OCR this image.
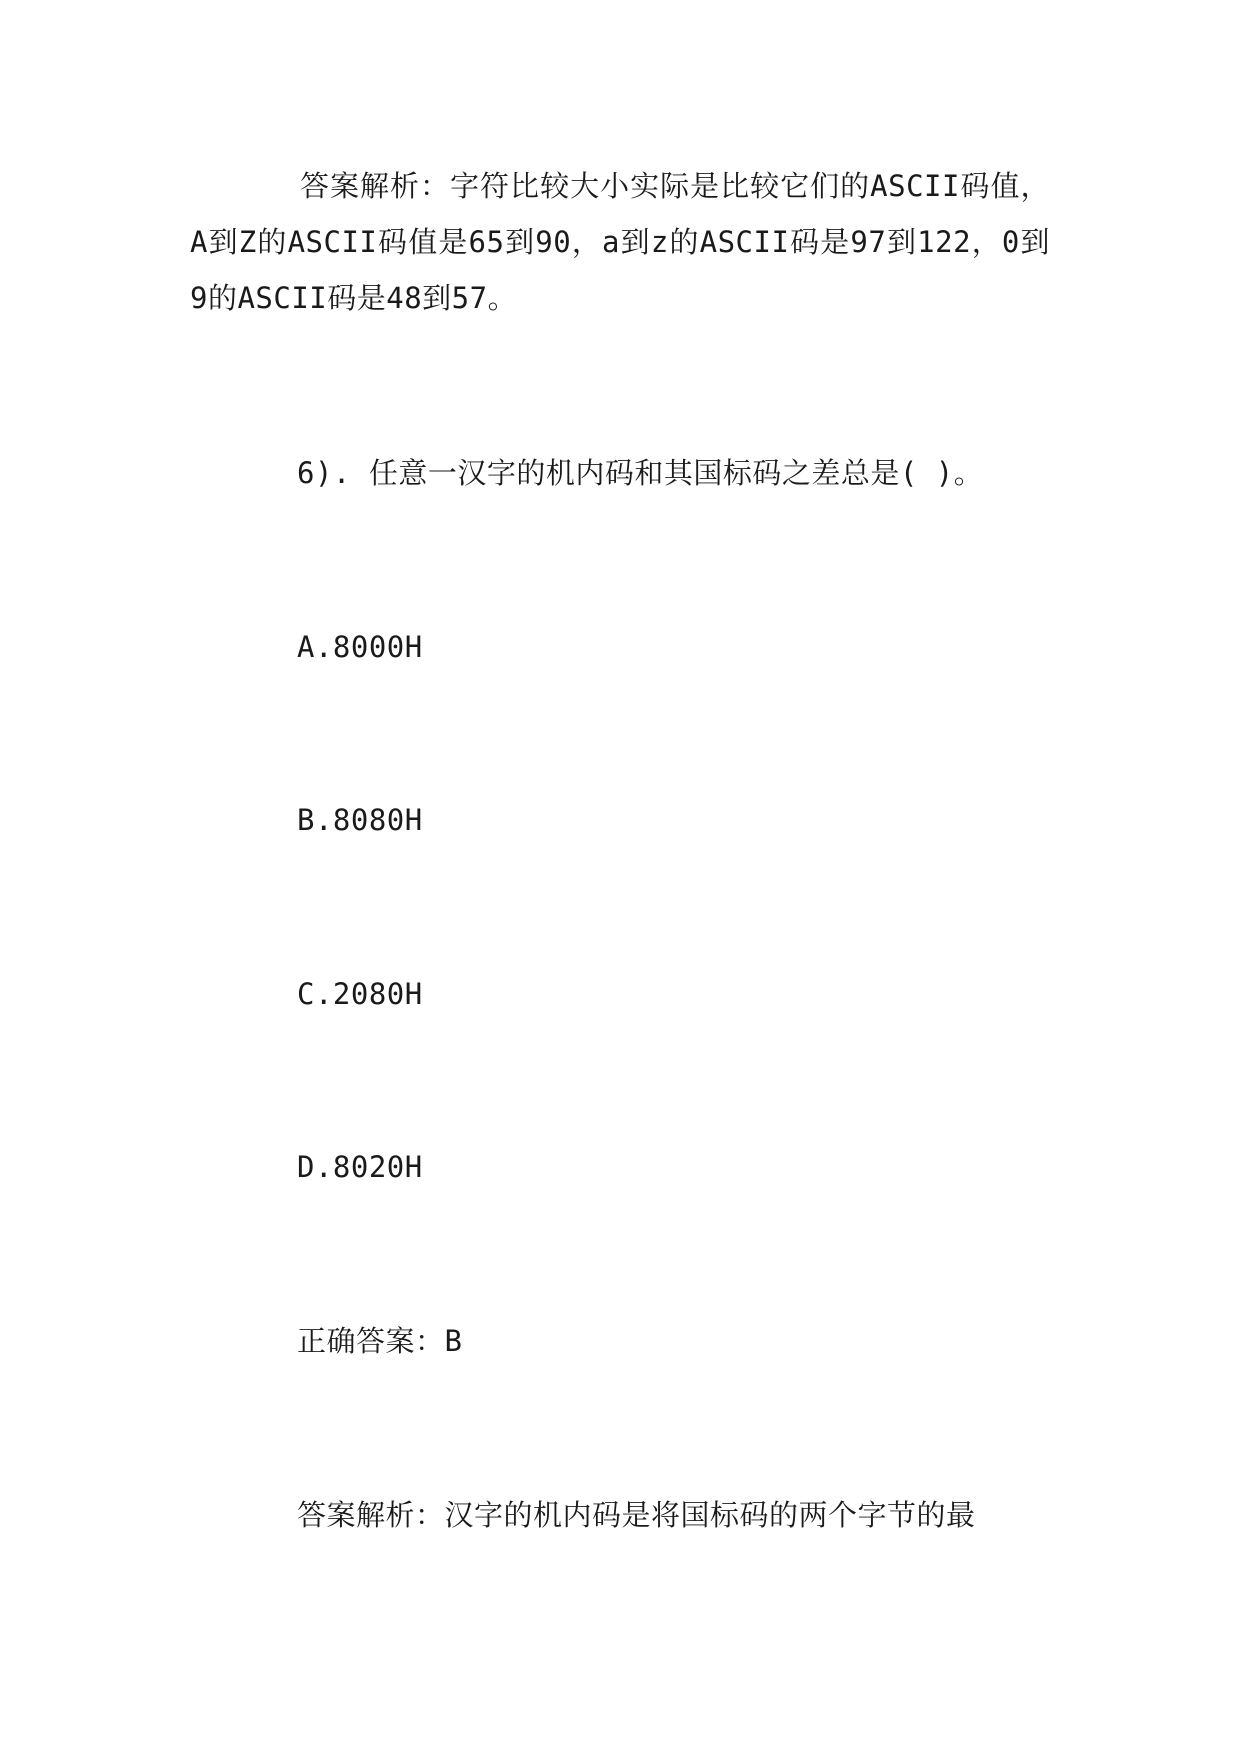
答案解析：字符比较大小实际是比较它们的ASCII码值，A到Z的ASCII码值是65到90，a到z的ASCII码是97到122，0到9的ASCII码是48到57。

6). 任意一汉字的机内码和其国标码之差总是( )。

A.8000H

B.8080H

C.2080H

D.8020H

正确答案：B

答案解析：汉字的机内码是将国标码的两个字节的最
